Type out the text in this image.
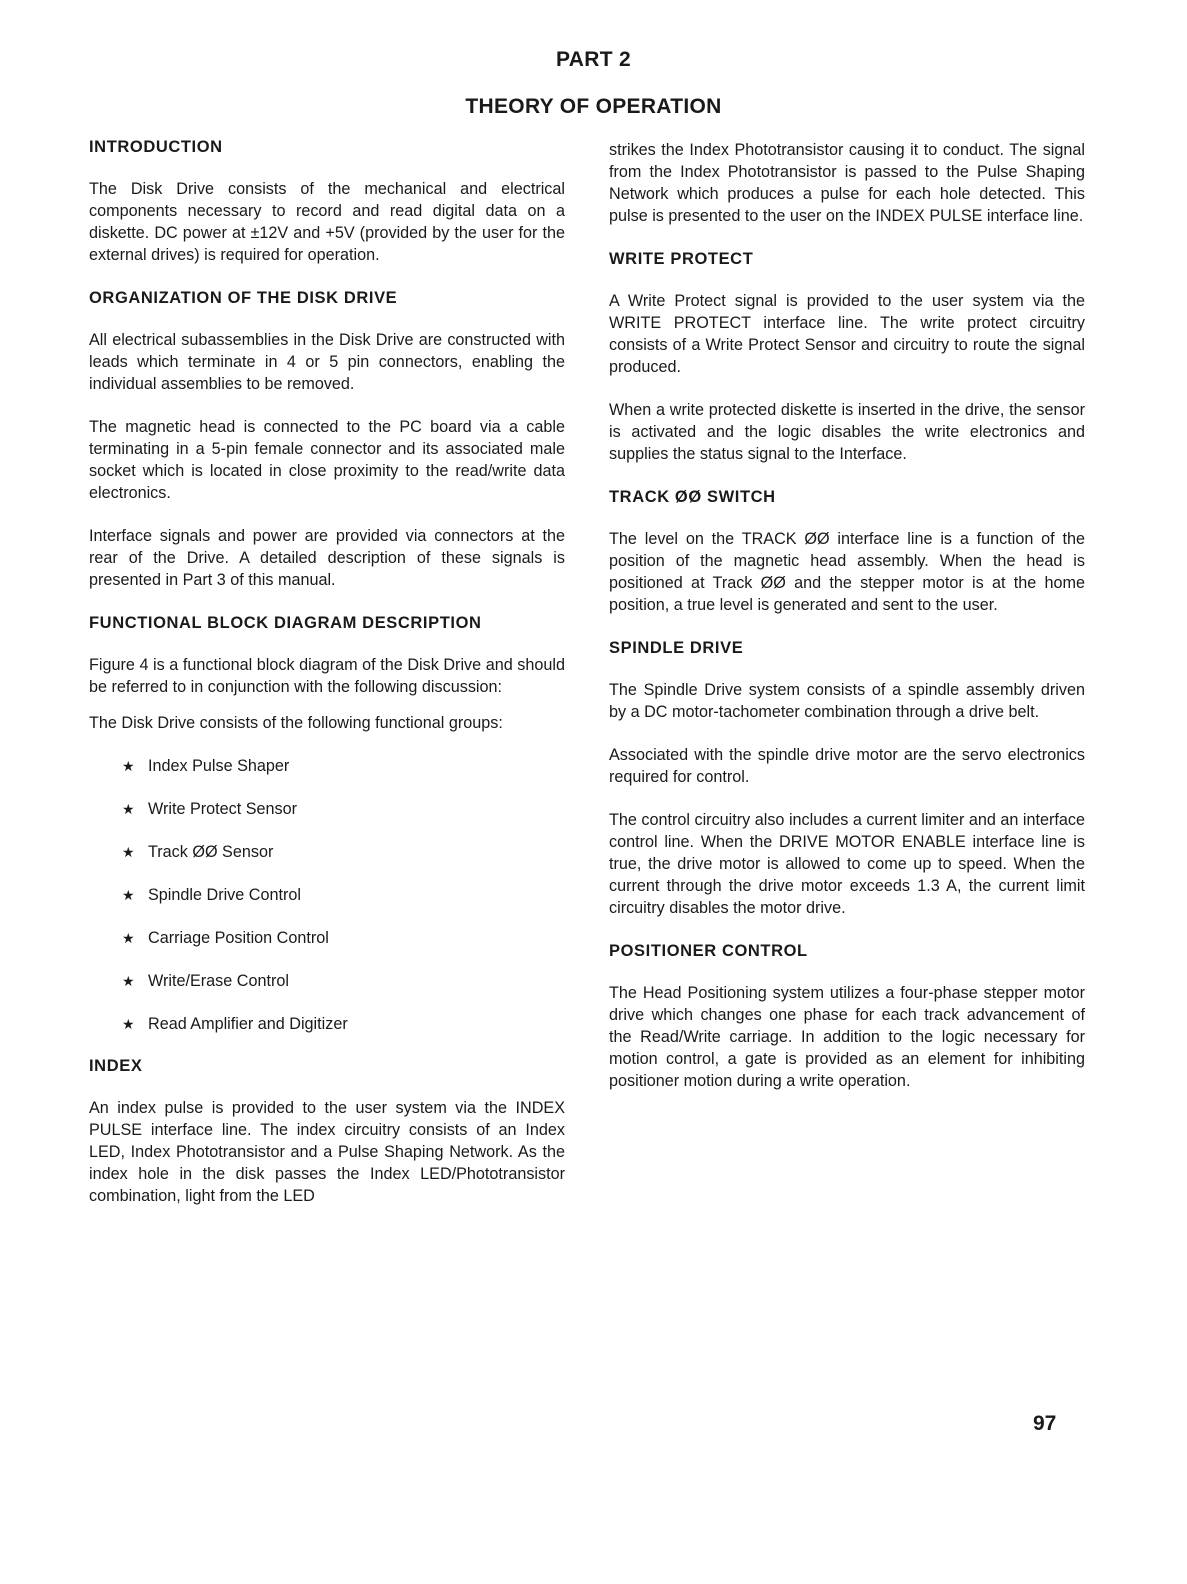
PART 2
THEORY OF OPERATION
INTRODUCTION

The Disk Drive consists of the mechanical and electrical components necessary to record and read digital data on a diskette. DC power at ±12V and +5V (provided by the user for the external drives) is required for operation.

ORGANIZATION OF THE DISK DRIVE

All electrical subassemblies in the Disk Drive are constructed with leads which terminate in 4 or 5 pin connectors, enabling the individual assemblies to be removed.

The magnetic head is connected to the PC board via a cable terminating in a 5-pin female connector and its associated male socket which is located in close proximity to the read/write data electronics.

Interface signals and power are provided via connectors at the rear of the Drive. A detailed description of these signals is presented in Part 3 of this manual.

FUNCTIONAL BLOCK DIAGRAM DESCRIPTION

Figure 4 is a functional block diagram of the Disk Drive and should be referred to in conjunction with the following discussion:

The Disk Drive consists of the following functional groups:

★ Index Pulse Shaper
★ Write Protect Sensor
★ Track ØØ Sensor
★ Spindle Drive Control
★ Carriage Position Control
★ Write/Erase Control
★ Read Amplifier and Digitizer
INDEX

An index pulse is provided to the user system via the INDEX PULSE interface line. The index circuitry consists of an Index LED, Index Phototransistor and a Pulse Shaping Network. As the index hole in the disk passes the Index LED/Phototransistor combination, light from the LED

strikes the Index Phototransistor causing it to conduct. The signal from the Index Phototransistor is passed to the Pulse Shaping Network which produces a pulse for each hole detected. This pulse is presented to the user on the INDEX PULSE interface line.

WRITE PROTECT

A Write Protect signal is provided to the user system via the WRITE PROTECT interface line. The write protect circuitry consists of a Write Protect Sensor and circuitry to route the signal produced.

When a write protected diskette is inserted in the drive, the sensor is activated and the logic disables the write electronics and supplies the status signal to the Interface.

TRACK ØØ SWITCH

The level on the TRACK ØØ interface line is a function of the position of the magnetic head assembly. When the head is positioned at Track ØØ and the stepper motor is at the home position, a true level is generated and sent to the user.

SPINDLE DRIVE

The Spindle Drive system consists of a spindle assembly driven by a DC motor-tachometer combination through a drive belt.

Associated with the spindle drive motor are the servo electronics required for control.

The control circuitry also includes a current limiter and an interface control line. When the DRIVE MOTOR ENABLE interface line is true, the drive motor is allowed to come up to speed. When the current through the drive motor exceeds 1.3 A, the current limit circuitry disables the motor drive.

POSITIONER CONTROL

The Head Positioning system utilizes a four-phase stepper motor drive which changes one phase for each track advancement of the Read/Write carriage. In addition to the logic necessary for motion control, a gate is provided as an element for inhibiting positioner motion during a write operation.

97
